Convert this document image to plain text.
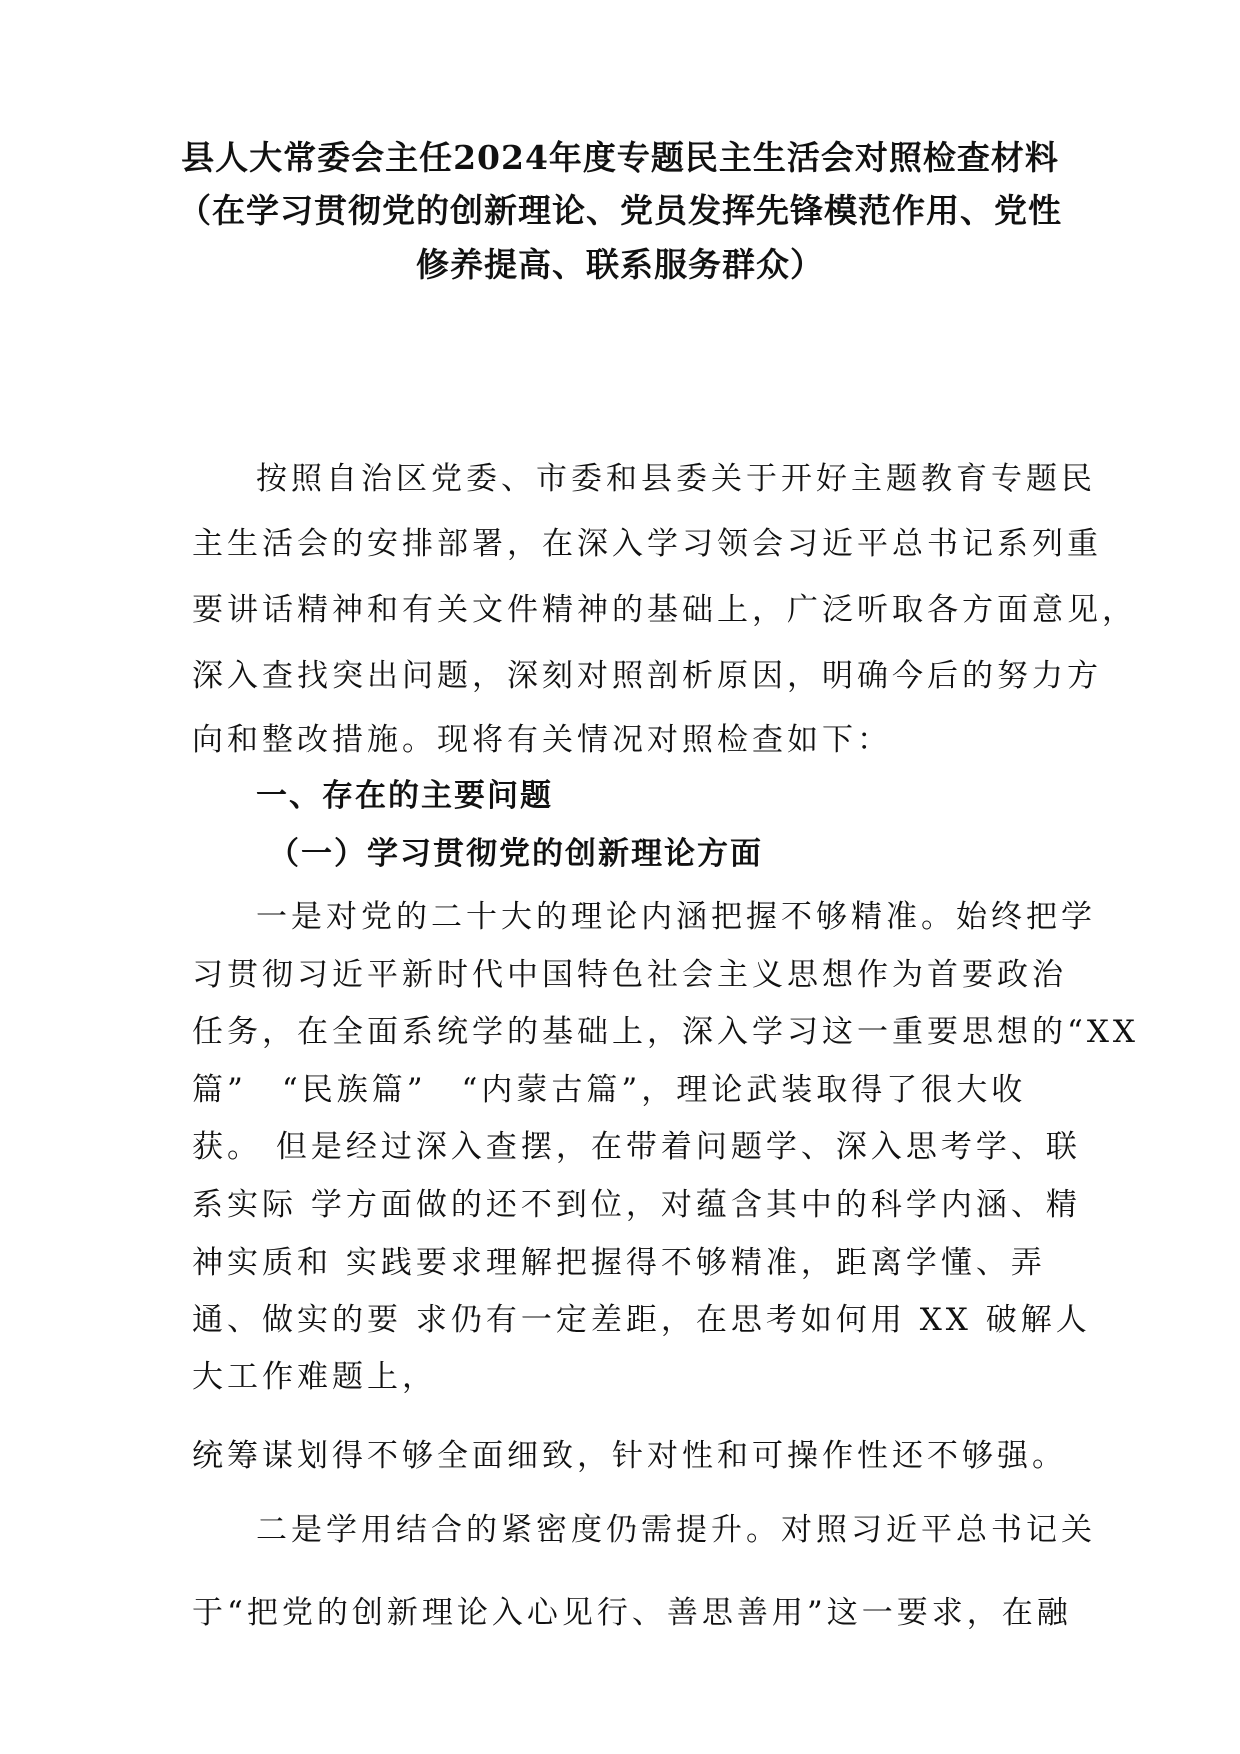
县人大常委会主任2024年度专题民主生活会对照检查材料
（在学习贯彻党的创新理论、党员发挥先锋模范作用、党性
修养提高、联系服务群众）
按照自治区党委、市委和县委关于开好主题教育专题民
主生活会的安排部署，在深入学习领会习近平总书记系列重
要讲话精神和有关文件精神的基础上，广泛听取各方面意见，
深入查找突出问题，深刻对照剖析原因，明确今后的努力方
向和整改措施。现将有关情况对照检查如下：
一、存在的主要问题
（一）学习贯彻党的创新理论方面
一是对党的二十大的理论内涵把握不够精准。始终把学
习贯彻习近平新时代中国特色社会主义思想作为首要政治
任务，在全面系统学的基础上，深入学习这一重要思想的“XX
篇”　“民族篇”　“内蒙古篇”，理论武装取得了很大收
获。 但是经过深入查摆，在带着问题学、深入思考学、联
系实际 学方面做的还不到位，对蕴含其中的科学内涵、精
神实质和 实践要求理解把握得不够精准，距离学懂、弄
通、做实的要 求仍有一定差距，在思考如何用 XX 破解人
大工作难题上，
统筹谋划得不够全面细致，针对性和可操作性还不够强。
二是学用结合的紧密度仍需提升。对照习近平总书记关
于“把党的创新理论入心见行、善思善用”这一要求，在融
